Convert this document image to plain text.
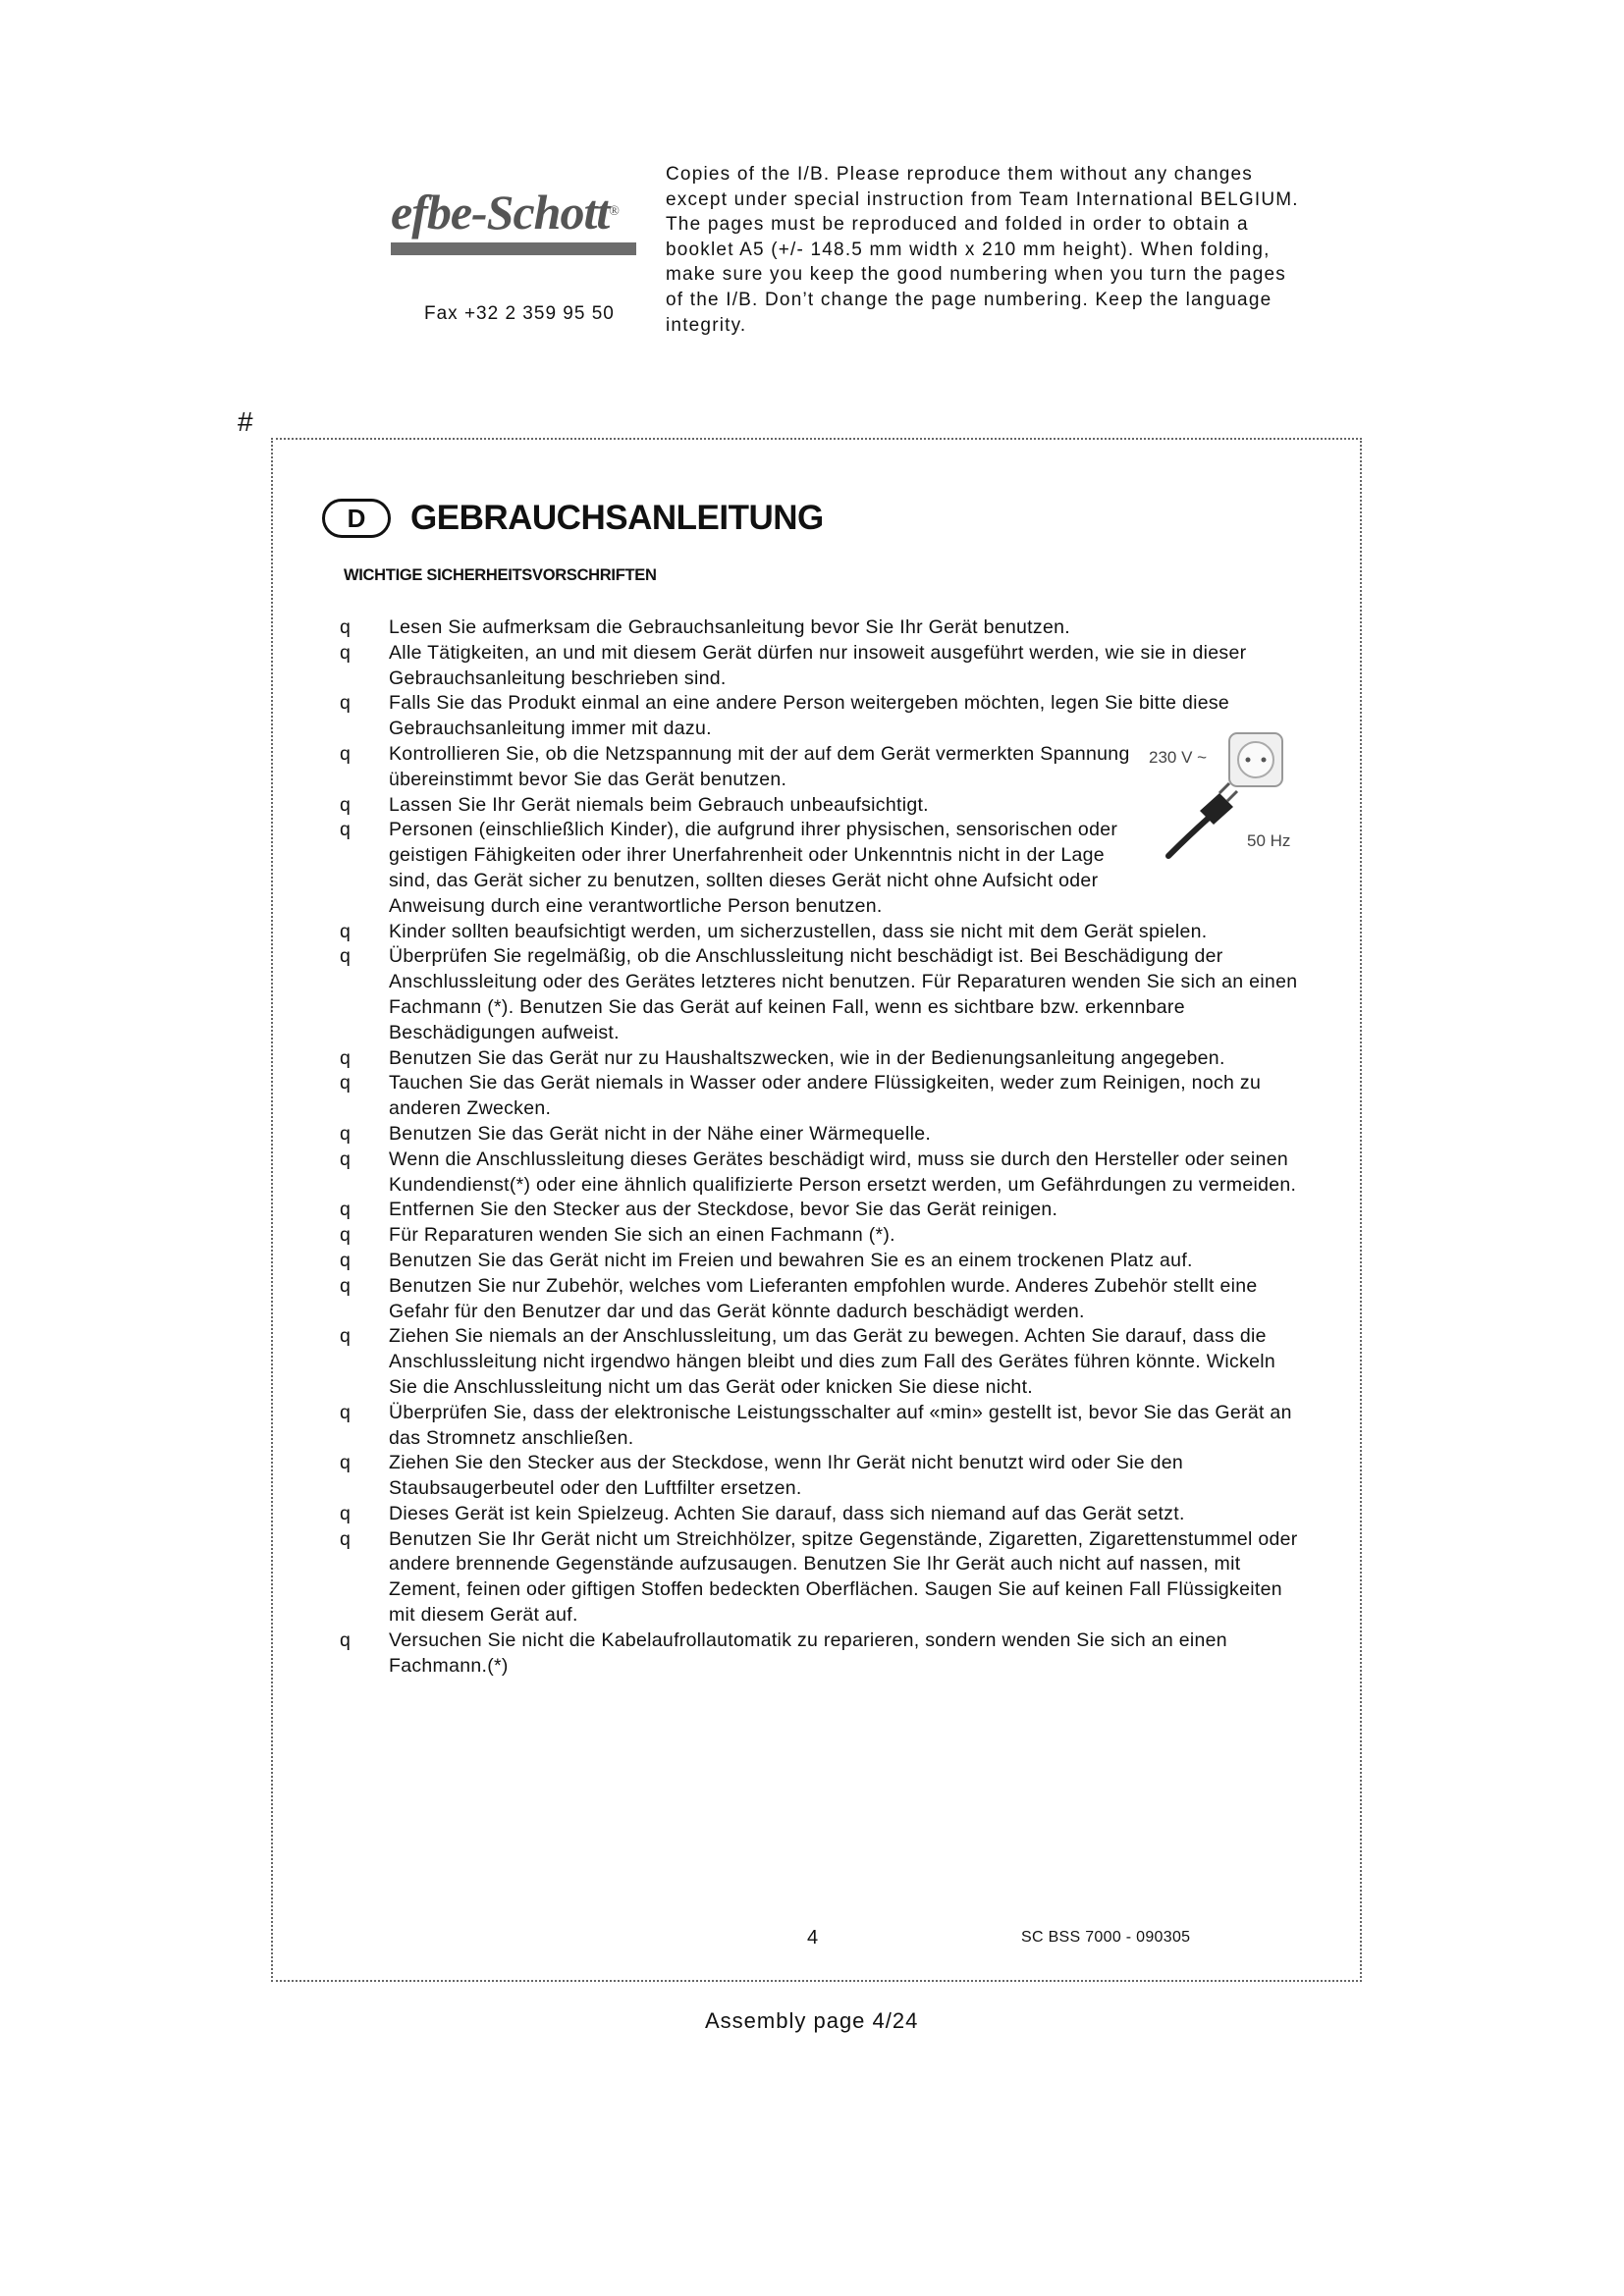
efbe-Schott®
Fax +32 2 359 95 50
Copies of the I/B. Please reproduce them without any changes except under special instruction from Team International BELGIUM. The pages must be reproduced and folded in order to obtain a booklet A5 (+/- 148.5 mm width x 210 mm height). When folding, make sure you keep the good numbering when you turn the pages of the I/B. Don’t change the page numbering. Keep the language integrity.
#
D	GEBRAUCHSANLEITUNG
WICHTIGE SICHERHEITSVORSCHRIFTEN
q Lesen Sie aufmerksam die Gebrauchsanleitung bevor Sie Ihr Gerät benutzen.
q Alle Tätigkeiten, an und mit diesem Gerät dürfen nur insoweit ausgeführt werden, wie sie in dieser Gebrauchsanleitung beschrieben sind.
q Falls Sie das Produkt einmal an eine andere Person weitergeben möchten, legen Sie bitte diese Gebrauchsanleitung immer mit dazu.
q Kontrollieren Sie, ob die Netzspannung mit der auf dem Gerät vermerkten Spannung übereinstimmt bevor Sie das Gerät benutzen.
q Lassen Sie Ihr Gerät niemals beim Gebrauch unbeaufsichtigt.
q Personen (einschließlich Kinder), die aufgrund ihrer physischen, sensorischen oder geistigen Fähigkeiten oder ihrer Unerfahrenheit oder Unkenntnis nicht in der Lage sind, das Gerät sicher zu benutzen, sollten dieses Gerät nicht ohne Aufsicht oder Anweisung durch eine verantwortliche Person benutzen.
q Kinder sollten beaufsichtigt werden, um sicherzustellen, dass sie nicht mit dem Gerät spielen.
q Überprüfen Sie regelmäßig, ob die Anschlussleitung nicht beschädigt ist. Bei Beschädigung der Anschlussleitung oder des Gerätes letzteres nicht benutzen. Für Reparaturen wenden Sie sich an einen Fachmann (*). Benutzen Sie das Gerät auf keinen Fall, wenn es sichtbare bzw. erkennbare Beschädigungen aufweist.
q Benutzen Sie das Gerät nur zu Haushaltszwecken, wie in der Bedienungsanleitung angegeben.
q Tauchen Sie das Gerät niemals in Wasser oder andere Flüssigkeiten, weder zum Reinigen, noch zu anderen Zwecken.
q Benutzen Sie das Gerät nicht in der Nähe einer Wärmequelle.
q Wenn die Anschlussleitung dieses Gerätes beschädigt wird, muss sie durch den Hersteller oder seinen Kundendienst(*) oder eine ähnlich qualifizierte Person ersetzt werden, um Gefährdungen zu vermeiden.
q Entfernen Sie den Stecker aus der Steckdose, bevor Sie das Gerät reinigen.
q Für Reparaturen wenden Sie sich an einen Fachmann (*).
q Benutzen Sie das Gerät nicht im Freien und bewahren Sie es an einem trockenen Platz auf.
q Benutzen Sie nur Zubehör, welches vom Lieferanten empfohlen wurde. Anderes Zubehör stellt eine Gefahr für den Benutzer dar und das Gerät könnte dadurch beschädigt werden.
q Ziehen Sie niemals an der Anschlussleitung, um das Gerät zu bewegen. Achten Sie darauf, dass die Anschlussleitung nicht irgendwo hängen bleibt und dies zum Fall des Gerätes führen könnte. Wickeln Sie die Anschlussleitung nicht um das Gerät oder knicken Sie diese nicht.
q Überprüfen Sie, dass der elektronische Leistungsschalter auf «min» gestellt ist, bevor Sie das Gerät an das Stromnetz anschließen.
q Ziehen Sie den Stecker aus der Steckdose, wenn Ihr Gerät nicht benutzt wird oder Sie den Staubsaugerbeutel oder den Luftfilter ersetzen.
q Dieses Gerät ist kein Spielzeug. Achten Sie darauf, dass sich niemand auf das Gerät setzt.
q Benutzen Sie Ihr Gerät nicht um Streichhölzer, spitze Gegenstände, Zigaretten, Zigarettenstummel oder andere brennende Gegenstände aufzusaugen. Benutzen Sie Ihr Gerät auch nicht auf nassen, mit Zement, feinen oder giftigen Stoffen bedeckten Oberflächen. Saugen Sie auf keinen Fall Flüssigkeiten mit diesem Gerät auf.
q Versuchen Sie nicht die Kabelaufrollautomatik zu reparieren, sondern wenden Sie sich an einen Fachmann.(*)
230 V ~
50 Hz
4	SC BSS 7000 - 090305
Assembly page 4/24
